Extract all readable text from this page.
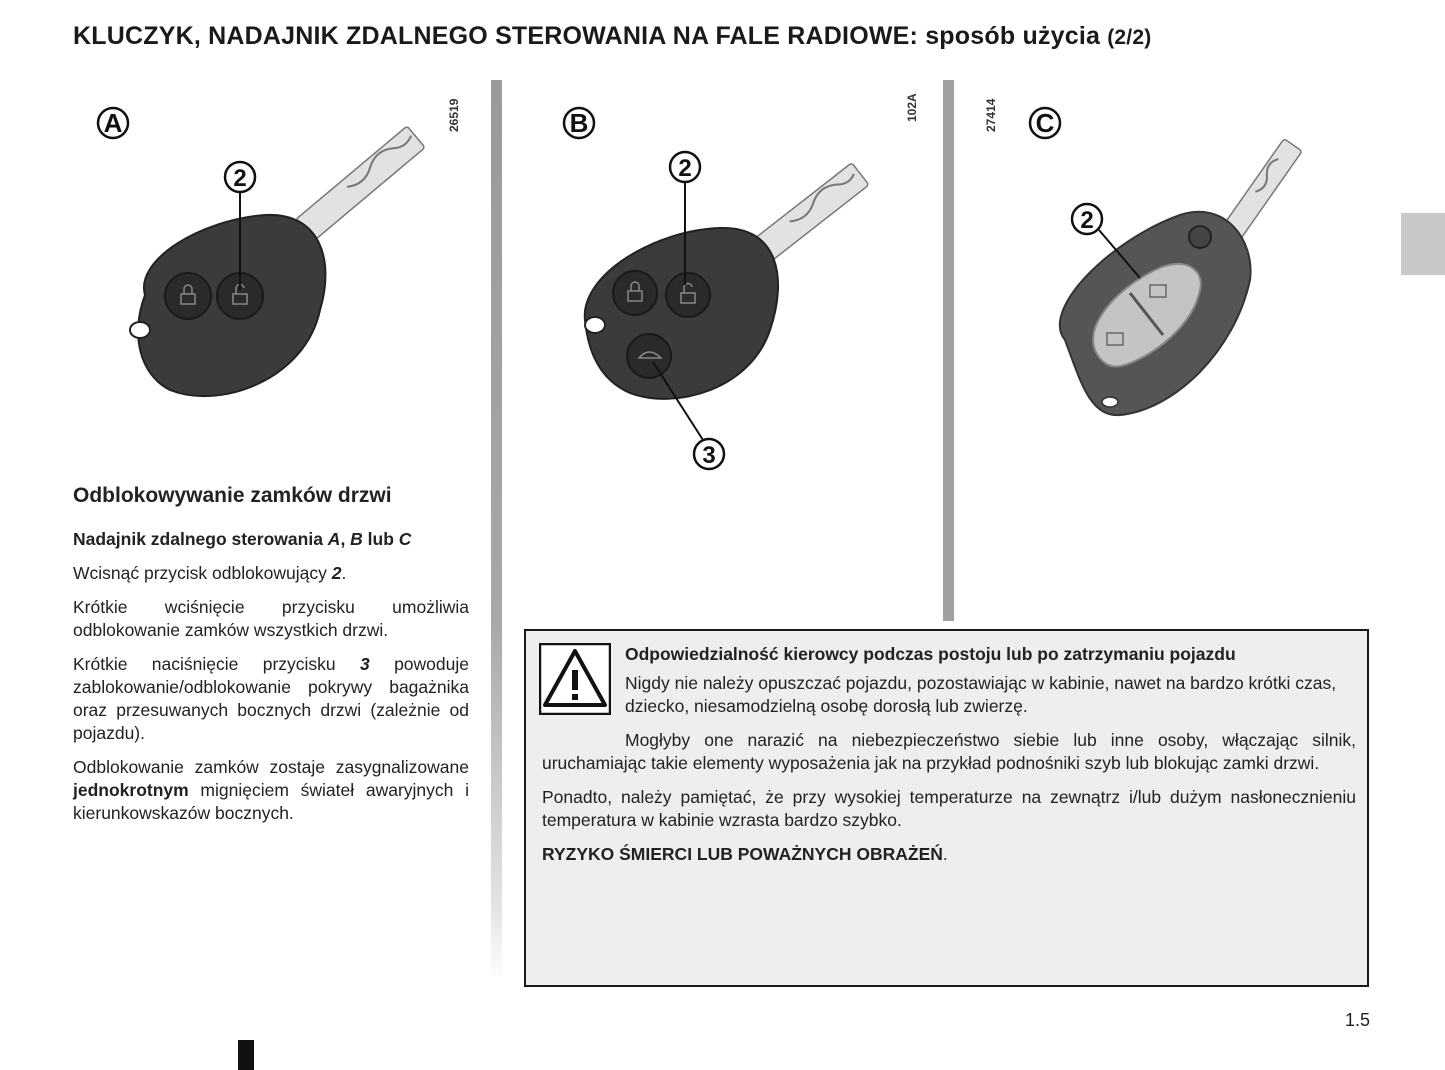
KLUCZYK, NADAJNIK ZDALNEGO STEROWANIA NA FALE RADIOWE: sposób użycia (2/2)
A
2
26519	B
2
3
102A
C
2
27414
Odblokowywanie zamków drzwi

Nadajnik zdalnego sterowania A, B lub C

Wcisnąć przycisk odblokowujący 2.

Krótkie wciśnięcie przycisku umożliwia odblokowanie zamków wszystkich drzwi.

Krótkie naciśnięcie przycisku 3 powoduje zablokowanie/odblokowanie pokrywy bagażnika oraz przesuwanych bocznych drzwi (zależnie od pojazdu).

Odblokowanie zamków zostaje zasygnalizowane jednokrotnym mignięciem świateł awaryjnych i kierunkowskazów bocznych.

Odpowiedzialność kierowcy podczas postoju lub po zatrzymaniu pojazdu

Nigdy nie należy opuszczać pojazdu, pozostawiając w kabinie, nawet na bardzo krótki czas, dziecko, niesamodzielną osobę dorosłą lub zwierzę.

Mogłyby one narazić na niebezpieczeństwo siebie lub inne osoby, włączając silnik, uruchamiając takie elementy wyposażenia jak na przykład podnośniki szyb lub blokując zamki drzwi.

Ponadto, należy pamiętać, że przy wysokiej temperaturze na zewnątrz i/lub dużym nasłonecznieniu temperatura w kabinie wzrasta bardzo szybko.

RYZYKO ŚMIERCI LUB POWAŻNYCH OBRAŻEŃ.

1.5
